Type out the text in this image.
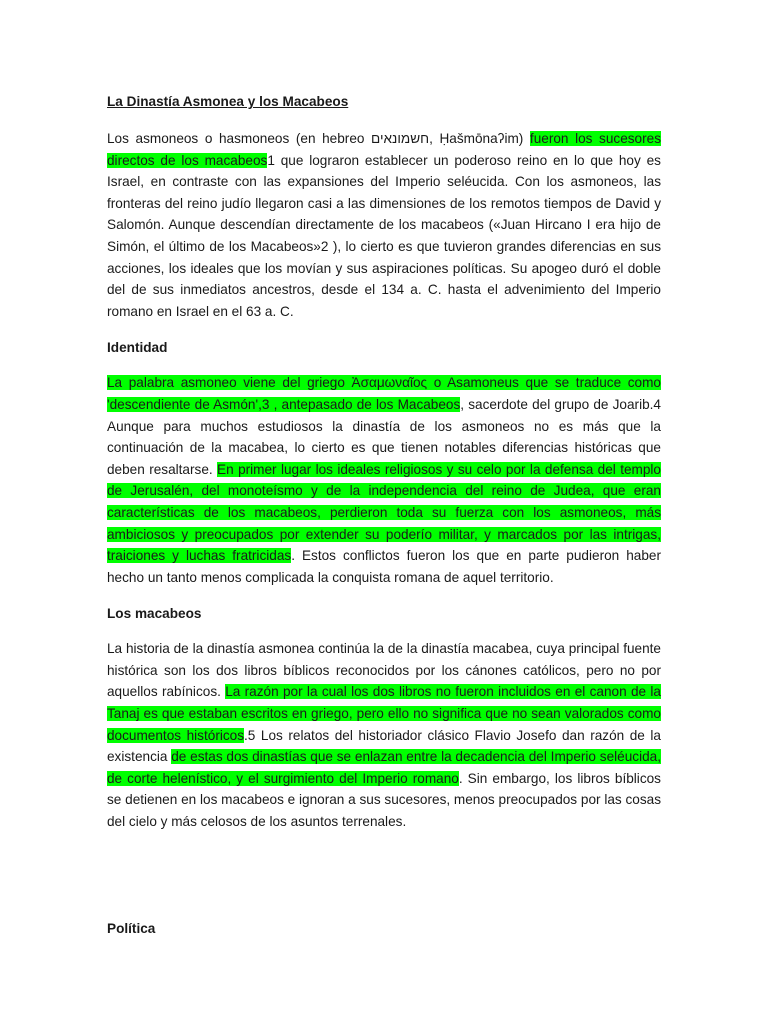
La Dinastía Asmonea y los Macabeos

Los asmoneos o hasmoneos (en hebreo חשמונאים, Ḥašmōnaʔim) fueron los sucesores directos de los macabeos1 que lograron establecer un poderoso reino en lo que hoy es Israel, en contraste con las expansiones del Imperio seléucida. Con los asmoneos, las fronteras del reino judío llegaron casi a las dimensiones de los remotos tiempos de David y Salomón. Aunque descendían directamente de los macabeos («Juan Hircano I era hijo de Simón, el último de los Macabeos»2 ), lo cierto es que tuvieron grandes diferencias en sus acciones, los ideales que los movían y sus aspiraciones políticas. Su apogeo duró el doble del de sus inmediatos ancestros, desde el 134 a. C. hasta el advenimiento del Imperio romano en Israel en el 63 a. C.

Identidad

La palabra asmoneo viene del griego Ἀσαμωναῖος o Asamoneus que se traduce como 'descendiente de Asmón',3 , antepasado de los Macabeos, sacerdote del grupo de Joarib.4 Aunque para muchos estudiosos la dinastía de los asmoneos no es más que la continuación de la macabea, lo cierto es que tienen notables diferencias históricas que deben resaltarse. En primer lugar los ideales religiosos y su celo por la defensa del templo de Jerusalén, del monoteísmo y de la independencia del reino de Judea, que eran características de los macabeos, perdieron toda su fuerza con los asmoneos, más ambiciosos y preocupados por extender su poderío militar, y marcados por las intrigas, traiciones y luchas fratricidas. Estos conflictos fueron los que en parte pudieron haber hecho un tanto menos complicada la conquista romana de aquel territorio.

Los macabeos

La historia de la dinastía asmonea continúa la de la dinastía macabea, cuya principal fuente histórica son los dos libros bíblicos reconocidos por los cánones católicos, pero no por aquellos rabínicos. La razón por la cual los dos libros no fueron incluidos en el canon de la Tanaj es que estaban escritos en griego, pero ello no significa que no sean valorados como documentos históricos.5 Los relatos del historiador clásico Flavio Josefo dan razón de la existencia de estas dos dinastías que se enlazan entre la decadencia del Imperio seléucida, de corte helenístico, y el surgimiento del Imperio romano. Sin embargo, los libros bíblicos se detienen en los macabeos e ignoran a sus sucesores, menos preocupados por las cosas del cielo y más celosos de los asuntos terrenales.

Política
